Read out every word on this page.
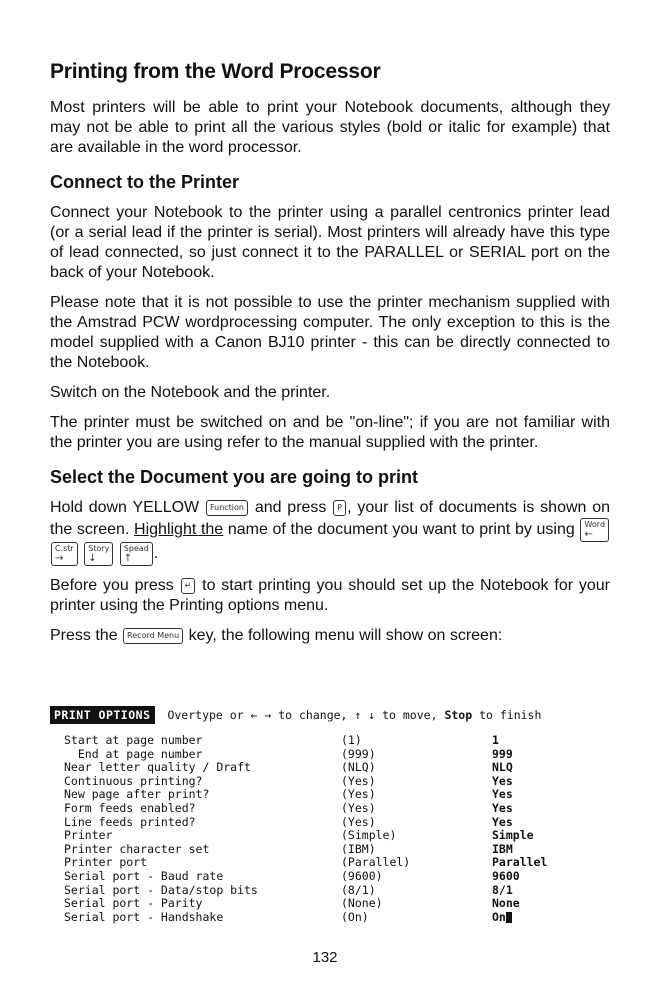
Printing from the Word Processor

Most printers will be able to print your Notebook documents, although they may not be able to print all the various styles (bold or italic for example) that are available in the word processor.

Connect to the Printer

Connect your Notebook to the printer using a parallel centronics printer lead (or a serial lead if the printer is serial). Most printers will already have this type of lead connected, so just connect it to the PARALLEL or SERIAL port on the back of your Notebook.

Please note that it is not possible to use the printer mechanism supplied with the Amstrad PCW wordprocessing computer. The only exception to this is the model supplied with a Canon BJ10 printer - this can be directly connected to the Notebook.

Switch on the Notebook and the printer.

The printer must be switched on and be "on-line"; if you are not familiar with the printer you are using refer to the manual supplied with the printer.

Select the Document you are going to print

Hold down YELLOW Function and press P , your list of documents is shown on the screen. Highlight the name of the document you want to print by using Word
←
C.str
→
Story
↓
Spead
↑	.

Before you press ↵ to start printing you should set up the Notebook for your printer using the Printing options menu.

Press the Record Menu key, the following menu will show on screen:

PRINT OPTIONS Overtype or ← → to change, ↑ ↓ to move, Stop to finish
Start at page number	(1)	1
End at page number	(999)	999
Near letter quality / Draft	(NLQ)	NLQ
Continuous printing?	(Yes)	Yes
New page after print?	(Yes)	Yes
Form feeds enabled?	(Yes)	Yes
Line feeds printed?	(Yes)	Yes
Printer	(Simple)	Simple
Printer character set	(IBM)	IBM
Printer port	(Parallel)	Parallel
Serial port - Baud rate	(9600)	9600
Serial port - Data/stop bits	(8/1)	8/1
Serial port - Parity	(None)	None
Serial port - Handshake	(On)	On
132
